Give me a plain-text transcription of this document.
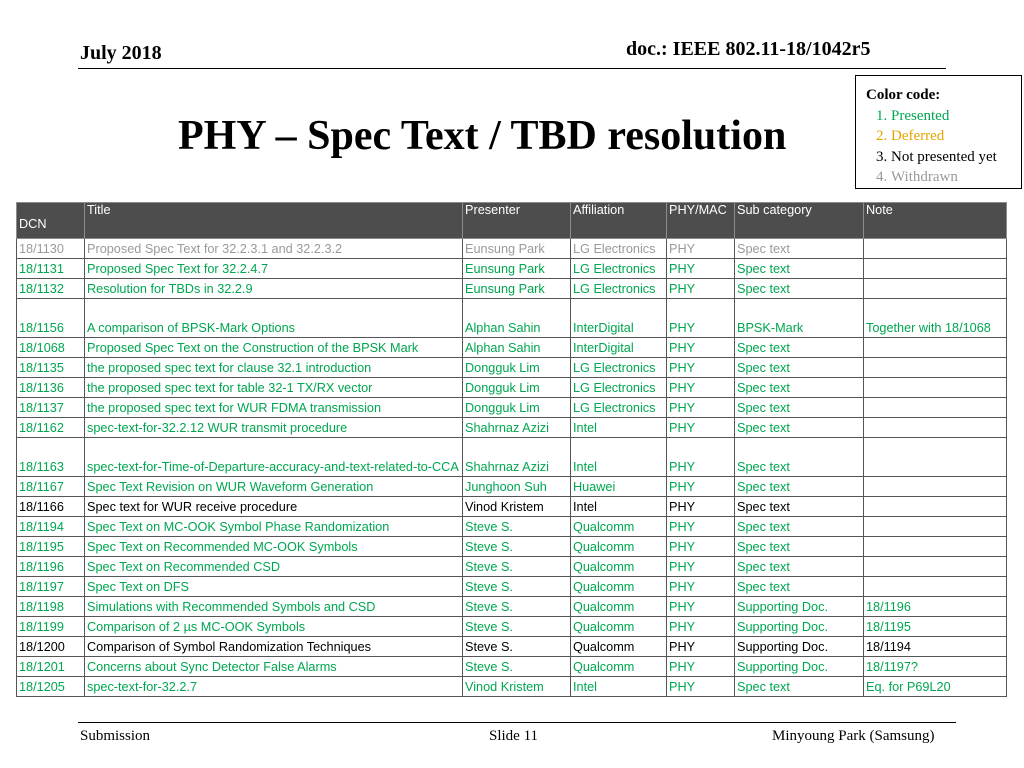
July 2018	doc.: IEEE 802.11-18/1042r5
PHY – Spec Text / TBD resolution
Color code:
1. Presented
2. Deferred
3. Not presented yet
4. Withdrawn
DCN	Title	Presenter	Affiliation	PHY/MAC	Sub category	Note
18/1130	Proposed Spec Text for 32.2.3.1 and 32.2.3.2	Eunsung Park	LG Electronics	PHY	Spec text	
18/1131	Proposed Spec Text for 32.2.4.7	Eunsung Park	LG Electronics	PHY	Spec text	
18/1132	Resolution for TBDs in 32.2.9	Eunsung Park	LG Electronics	PHY	Spec text	
18/1156	A comparison of BPSK-Mark Options	Alphan Sahin	InterDigital	PHY	BPSK-Mark	Together with 18/1068
18/1068	Proposed Spec Text on the Construction of the BPSK Mark	Alphan Sahin	InterDigital	PHY	Spec text	
18/1135	the proposed spec text for clause 32.1 introduction	Dongguk Lim	LG Electronics	PHY	Spec text	
18/1136	the proposed spec text for table 32-1 TX/RX vector	Dongguk Lim	LG Electronics	PHY	Spec text	
18/1137	the proposed spec text for WUR FDMA transmission	Dongguk Lim	LG Electronics	PHY	Spec text	
18/1162	spec-text-for-32.2.12 WUR transmit procedure	Shahrnaz Azizi	Intel	PHY	Spec text	
18/1163	spec-text-for-Time-of-Departure-accuracy-and-text-related-to-CCA	Shahrnaz Azizi	Intel	PHY	Spec text	
18/1167	Spec Text Revision on WUR Waveform Generation	Junghoon Suh	Huawei	PHY	Spec text	
18/1166	Spec text for WUR receive procedure	Vinod Kristem	Intel	PHY	Spec text	
18/1194	Spec Text on MC-OOK Symbol Phase Randomization	Steve S.	Qualcomm	PHY	Spec text	
18/1195	Spec Text on Recommended MC-OOK Symbols	Steve S.	Qualcomm	PHY	Spec text	
18/1196	Spec Text on Recommended CSD	Steve S.	Qualcomm	PHY	Spec text	
18/1197	Spec Text on DFS	Steve S.	Qualcomm	PHY	Spec text	
18/1198	Simulations with Recommended Symbols and CSD	Steve S.	Qualcomm	PHY	Supporting Doc.	18/1196
18/1199	Comparison of 2 µs MC-OOK Symbols	Steve S.	Qualcomm	PHY	Supporting Doc.	18/1195
18/1200	Comparison of Symbol Randomization Techniques	Steve S.	Qualcomm	PHY	Supporting Doc.	18/1194
18/1201	Concerns about Sync Detector False Alarms	Steve S.	Qualcomm	PHY	Supporting Doc.	18/1197?
18/1205	spec-text-for-32.2.7	Vinod Kristem	Intel	PHY	Spec text	Eq. for P69L20
Submission	Slide 11	Minyoung Park (Samsung)
